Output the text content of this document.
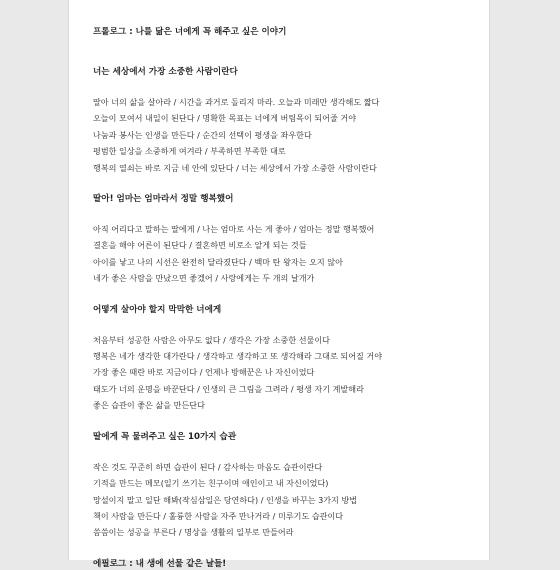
프롤로그 : 나를 닮은 너에게 꼭 해주고 싶은 이야기
너는 세상에서 가장 소중한 사람이란다
딸아 너의 삶을 살아라 / 시간을 과거로 돌리지 마라. 오늘과 미래만 생각해도 짧다
오늘이 모여서 내일이 된단다 / 명확한 목표는 너에게 버팀목이 되어줄 거야
나눔과 봉사는 인생을 만든다 / 순간의 선택이 평생을 좌우한다
평범한 일상을 소중하게 여겨라 / 부족하면 부족한 대로
행복의 열쇠는 바로 지금 네 안에 있단다 / 너는 세상에서 가장 소중한 사람이란다
딸아! 엄마는 엄마라서 정말 행복했어
아직 어리다고 말하는 딸에게 / 나는 엄마로 사는 게 좋아 / 엄마는 정말 행복했어
결혼을 해야 어른이 된단다 / 결혼하면 비로소 알게 되는 것들
아이를 낳고 나의 시선은 완전히 달라졌단다 / 백마 탄 왕자는 오지 않아
네가 좋은 사람을 만났으면 좋겠어 / 사랑에게는 두 개의 날개가
어떻게 살아야 할지 막막한 너에게
처음부터 성공한 사람은 아무도 없다 / 생각은 가장 소중한 선물이다
행복은 네가 생각한 대가란다 / 생각하고 생각하고 또 생각해라 그대로 되어질 거야
가장 좋은 때란 바로 지금이다 / 언제나 방해꾼은 나 자신이었다
태도가 너의 운명을 바꾼단다 / 인생의 큰 그림을 그려라 / 평생 자기 계발해라
좋은 습관이 좋은 삶을 만든단다
딸에게 꼭 물려주고 싶은 10가지 습관
작은 것도 꾸준히 하면 습관이 된다 / 감사하는 마음도 습관이란다
기적을 만드는 메모(일기 쓰기는 친구이며 애인이고 내 자신이었다)
망설이지 말고 일단 해봐(작심삼일은 당연하다) / 인생을 바꾸는 3가지 방법
책이 사람을 만든다 / 훌륭한 사람을 자주 만나거라 / 미루기도 습관이다
씀씀이는 성공을 부른다 / 명상을 생활의 일부로 만들어라
에필로그 : 내 생에 선물 같은 날들!
